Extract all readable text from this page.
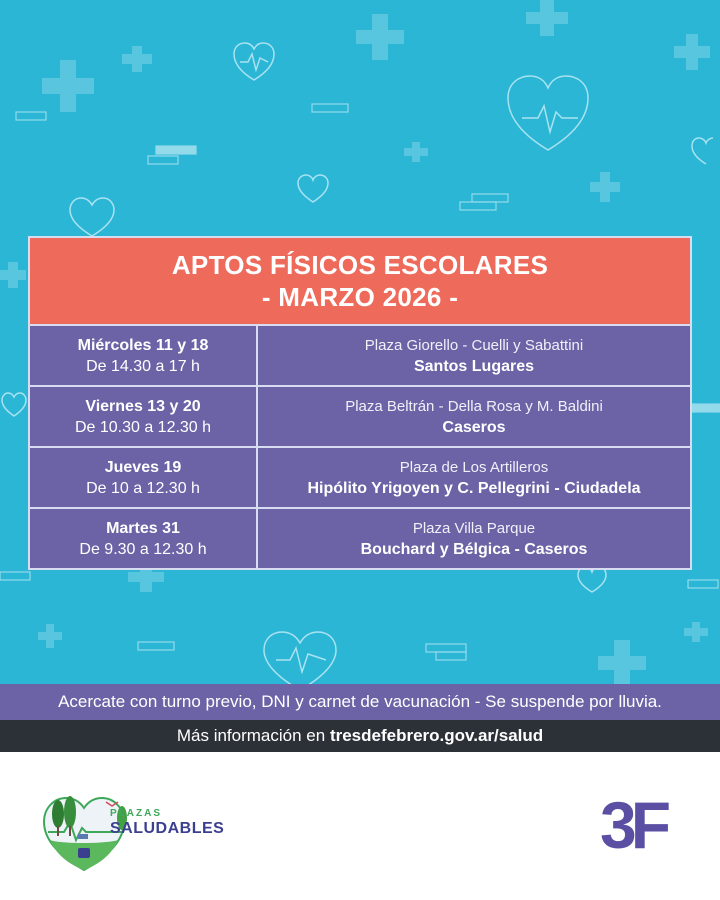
APTOS FÍSICOS ESCOLARES
- MARZO 2026 -
Miércoles 11 y 18
De 14.30 a 17 h
Plaza Giorello - Cuelli y Sabattini
Santos Lugares
Viernes 13 y 20
De 10.30 a 12.30 h
Plaza Beltrán - Della Rosa y M. Baldini
Caseros
Jueves 19
De 10 a 12.30 h
Plaza de Los Artilleros
Hipólito Yrigoyen y C. Pellegrini - Ciudadela
Martes 31
De 9.30 a 12.30 h
Plaza Villa Parque
Bouchard y Bélgica - Caseros
Acercate con turno previo, DNI y carnet de vacunación - Se suspende por lluvia.
Más información en
tresdefebrero.gov.ar/salud
PLAZAS
SALUDABLES	3F
